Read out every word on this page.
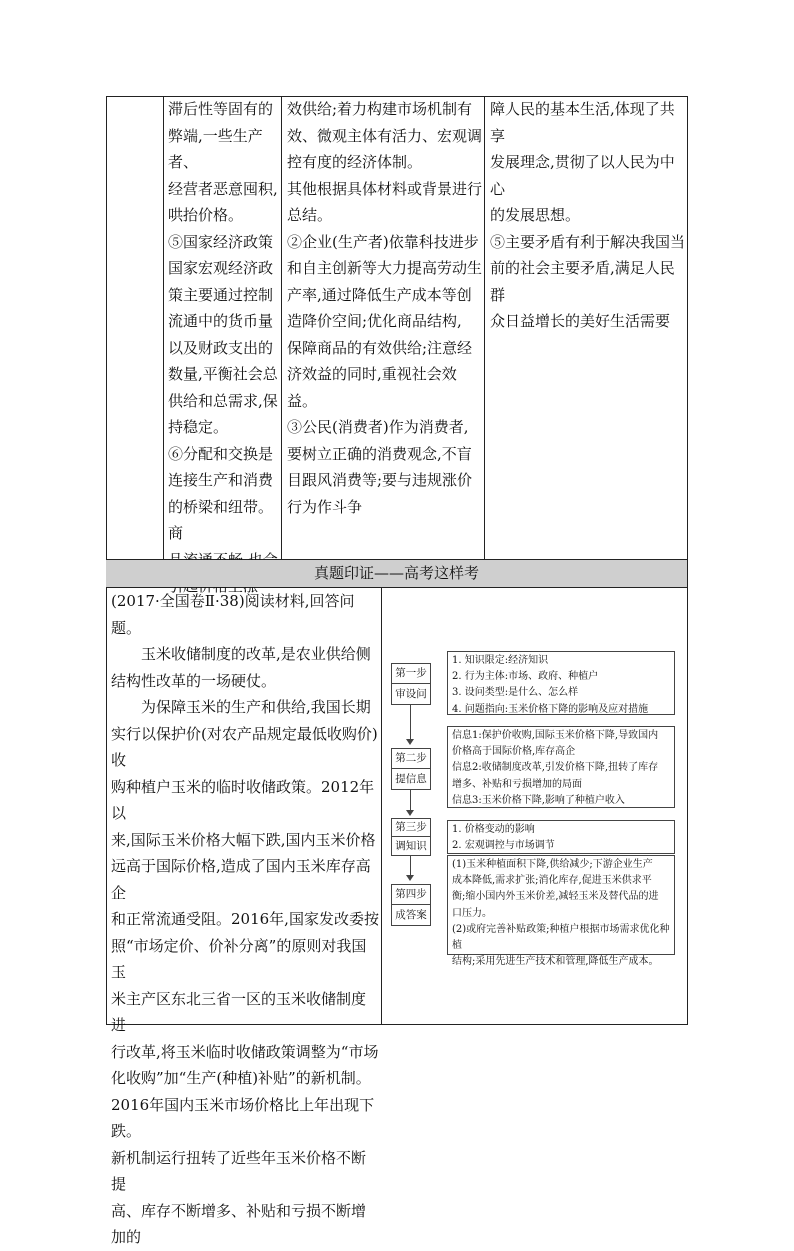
滞后性等固有的

弊端,一些生产者、

经营者恶意囤积,

哄抬价格。

⑤国家经济政策

国家宏观经济政

策主要通过控制

流通中的货币量

以及财政支出的

数量,平衡社会总

供给和总需求,保

持稳定。

⑥分配和交换是

连接生产和消费

的桥梁和纽带。商

效供给;着力构建市场机制有

效、微观主体有活力、宏观调

控有度的经济体制。

其他根据具体材料或背景进行

总结。

②企业(生产者)依靠科技进步

和自主创新等大力提高劳动生

产率,通过降低生产成本等创

造降价空间;优化商品结构,

保障商品的有效供给;注意经

济效益的同时,重视社会效益。

③公民(消费者)作为消费者,

要树立正确的消费观念,不盲

目跟风消费等;要与违规涨价

行为作斗争

障人民的基本生活,体现了共享

发展理念,贯彻了以人民为中心

的发展思想。

⑤主要矛盾有利于解决我国当

前的社会主要矛盾,满足人民群

众日益增长的美好生活需要

真题印证——高考这样考

(2017·全国卷Ⅱ·38)阅读材料,回答问题。

玉米收储制度的改革,是农业供给侧

结构性改革的一场硬仗。

为保障玉米的生产和供给,我国长期

实行以保护价(对农产品规定最低收购价)收

购种植户玉米的临时收储政策。2012年以

来,国际玉米价格大幅下跌,国内玉米价格

远高于国际价格,造成了国内玉米库存高企

和正常流通受阻。2016年,国家发改委按

照“市场定价、价补分离”的原则对我国玉

米主产区东北三省一区的玉米收储制度进

行改革,将玉米临时收储政策调整为“市场

化收购”加“生产(种植)补贴”的新机制。

2016年国内玉米市场价格比上年出现下跌。

新机制运行扭转了近些年玉米价格不断提

高、库存不断增多、补贴和亏损不断增加的

第一步
审设问

1. 知识限定:经济知识

2. 行为主体:市场、政府、种植户

3. 设问类型:是什么、怎么样

4. 问题指向:玉米价格下降的影响及应对措施

第二步
提信息

信息1:保护价收购,国际玉米价格下降,导致国内

价格高于国际价格,库存高企

信息2:收储制度改革,引发价格下降,扭转了库存

增多、补贴和亏损增加的局面

信息3:玉米价格下降,影响了种植户收入

第三步
调知识

1. 价格变动的影响

2. 宏观调控与市场调节

第四步
成答案

(1)玉米种植面积下降,供给减少;下游企业生产

成本降低,需求扩张;消化库存,促进玉米供求平

衡;缩小国内外玉米价差,减轻玉米及替代品的进

口压力。

(2)或府完善补贴政策;种植户根据市场需求优化种植

结构;采用先进生产技术和管理,降低生产成本。
